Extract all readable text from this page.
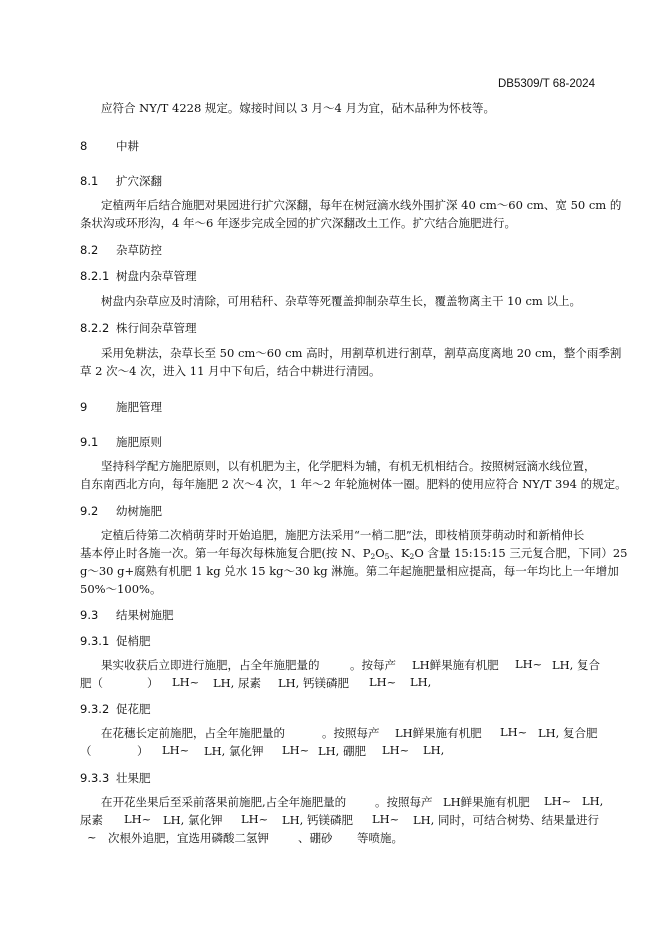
DB5309/T 68-2024
应符合 NY/T 4228 规定。嫁接时间以 3 月～4 月为宜，砧木品种为怀枝等。
8 中耕
8.1 扩穴深翻
定植两年后结合施肥对果园进行扩穴深翻，每年在树冠滴水线外围扩深 40 cm～60 cm、宽 50 cm 的
条状沟或环形沟，4 年～6 年逐步完成全园的扩穴深翻改土工作。扩穴结合施肥进行。
8.2 杂草防控
8.2.1 树盘内杂草管理
树盘内杂草应及时清除，可用秸秆、杂草等死覆盖抑制杂草生长，覆盖物离主干 10 cm 以上。
8.2.2 株行间杂草管理
采用免耕法，杂草长至 50 cm～60 cm 高时，用割草机进行割草，割草高度离地 20 cm，整个雨季割
草 2 次～4 次，进入 11 月中下旬后，结合中耕进行清园。
9 施肥管理
9.1 施肥原则
坚持科学配方施肥原则，以有机肥为主，化学肥料为辅，有机无机相结合。按照树冠滴水线位置，
自东南西北方向，每年施肥 2 次～4 次，1 年～2 年轮施树体一圈。肥料的使用应符合 NY/T 394 的规定。
9.2 幼树施肥
定植后待第二次梢萌芽时开始追肥，施肥方法采用“一梢二肥”法，即枝梢顶芽萌动时和新梢伸长
基本停止时各施一次。第一年每次每株施复合肥(按 N、$P_2O_5$、$K_2O$ 含量 15:15:15 三元复合肥，下同）25
g～30 g+腐熟有机肥 1 kg 兑水 15 kg～30 kg 淋施。第二年起施肥量相应提高，每一年均比上一年增加
50%～100%。
9.3 结果树施肥
9.3.1 促梢肥
果实收获后立即进行施肥，占全年施肥量的	。按每产 LH鲜果施有机肥 LH~ LH, 复合
肥（	） LH~ LH, 尿素 LH, 钙镁磷肥 LH~ LH,
9.3.2 促花肥
在花穗长定前施肥，占全年施肥量的	。按照每产 LH鲜果施有机肥 LH~ LH, 复合肥
（	） LH~ LH, 氯化钾 LH~ LH, 硼肥 LH~ LH,
9.3.3 壮果肥
在开花坐果后至采前落果前施肥,占全年施肥量的	。按照每产 LH鲜果施有机肥 LH~ LH,
尿素 LH~ LH, 氯化钾 LH~ LH, 钙镁磷肥 LH~ LH, 同时，可结合树势、结果量进行
~ 次根外追肥，宜选用磷酸二氢钾	、硼砂 等喷施。
